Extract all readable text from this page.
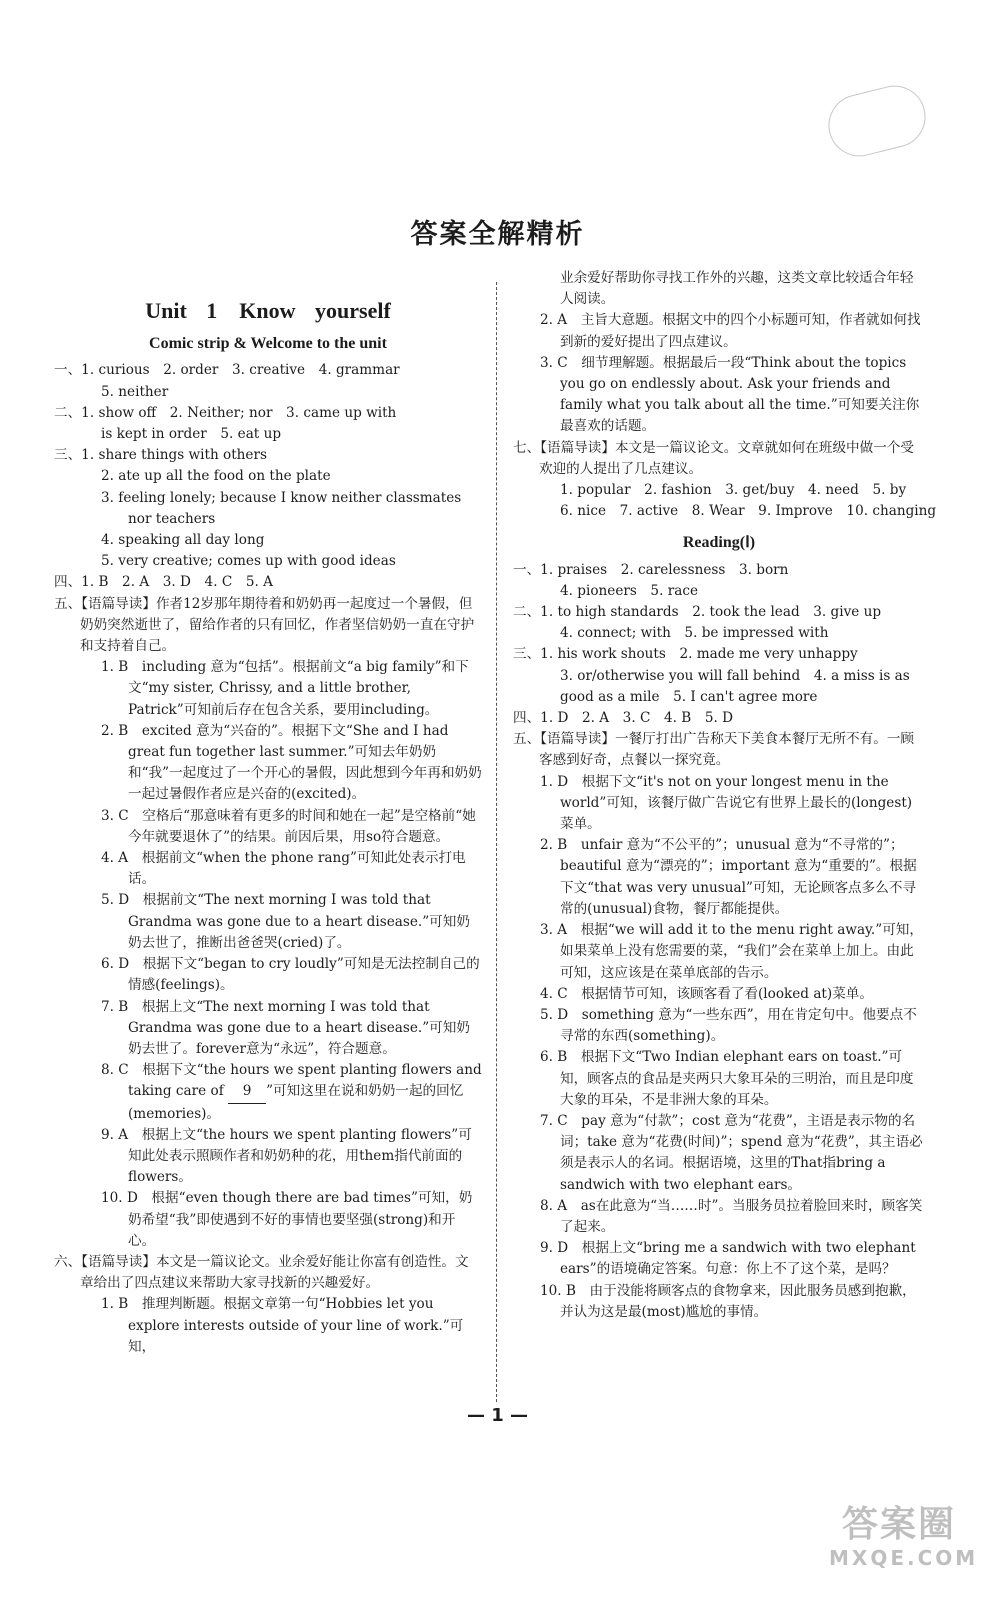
答案全解精析
Unit 1　Know yourself
Comic strip & Welcome to the unit
一、1. curious　2. order　3. creative　4. grammar
5. neither
二、1. show off　2. Neither; nor　3. came up with
is kept in order　5. eat up
三、1. share things with others
2. ate up all the food on the plate
3. feeling lonely; because I know neither classmates
nor teachers
4. speaking all day long
5. very creative; comes up with good ideas
四、1. B　2. A　3. D　4. C　5. A
五、【语篇导读】作者12岁那年期待着和奶奶再一起度过一个暑假，但奶奶突然逝世了，留给作者的只有回忆，作者坚信奶奶一直在守护和支持着自己。
1. B　including 意为“包括”。根据前文“a big family”和下文“my sister, Chrissy, and a little brother, Patrick”可知前后存在包含关系，要用including。
2. B　excited 意为“兴奋的”。根据下文“She and I had great fun together last summer.”可知去年奶奶和“我”一起度过了一个开心的暑假，因此想到今年再和奶奶一起过暑假作者应是兴奋的(excited)。
3. C　空格后“那意味着有更多的时间和她在一起”是空格前“她今年就要退休了”的结果。前因后果，用so符合题意。
4. A　根据前文“when the phone rang”可知此处表示打电话。
5. D　根据前文“The next morning I was told that Grandma was gone due to a heart disease.”可知奶奶去世了，推断出爸爸哭(cried)了。
6. D　根据下文“began to cry loudly”可知是无法控制自己的情感(feelings)。
7. B　根据上文“The next morning I was told that Grandma was gone due to a heart disease.”可知奶奶去世了。forever意为“永远”，符合题意。
8. C　根据下文“the hours we spent planting flowers and taking care of 9 ”可知这里在说和奶奶一起的回忆(memories)。
9. A　根据上文“the hours we spent planting flowers”可知此处表示照顾作者和奶奶种的花，用them指代前面的flowers。
10. D　根据“even though there are bad times”可知，奶奶希望“我”即使遇到不好的事情也要坚强(strong)和开心。
六、【语篇导读】本文是一篇议论文。业余爱好能让你富有创造性。文章给出了四点建议来帮助大家寻找新的兴趣爱好。
1. B　推理判断题。根据文章第一句“Hobbies let you explore interests outside of your line of work.”可知，
业余爱好帮助你寻找工作外的兴趣，这类文章比较适合年轻人阅读。
2. A　主旨大意题。根据文中的四个小标题可知，作者就如何找到新的爱好提出了四点建议。
3. C　细节理解题。根据最后一段“Think about the topics you go on endlessly about. Ask your friends and family what you talk about all the time.”可知要关注你最喜欢的话题。
七、【语篇导读】本文是一篇议论文。文章就如何在班级中做一个受欢迎的人提出了几点建议。
1. popular　2. fashion　3. get/buy　4. need　5. by
6. nice　7. active　8. Wear　9. Improve　10. changing
Reading(Ⅰ)
一、1. praises　2. carelessness　3. born
4. pioneers　5. race
二、1. to high standards　2. took the lead　3. give up
4. connect; with　5. be impressed with
三、1. his work shouts　2. made me very unhappy
3. or/otherwise you will fall behind　4. a miss is as
good as a mile　5. I can't agree more
四、1. D　2. A　3. C　4. B　5. D
五、【语篇导读】一餐厅打出广告称天下美食本餐厅无所不有。一顾客感到好奇，点餐以一探究竟。
1. D　根据下文“it's not on your longest menu in the world”可知，该餐厅做广告说它有世界上最长的(longest)菜单。
2. B　unfair 意为“不公平的”；unusual 意为“不寻常的”；beautiful 意为“漂亮的”；important 意为“重要的”。根据下文“that was very unusual”可知，无论顾客点多么不寻常的(unusual)食物，餐厅都能提供。
3. A　根据“we will add it to the menu right away.”可知，如果菜单上没有您需要的菜，“我们”会在菜单上加上。由此可知，这应该是在菜单底部的告示。
4. C　根据情节可知，该顾客看了看(looked at)菜单。
5. D　something 意为“一些东西”，用在肯定句中。他要点不寻常的东西(something)。
6. B　根据下文“Two Indian elephant ears on toast.”可知，顾客点的食品是夹两只大象耳朵的三明治，而且是印度大象的耳朵，不是非洲大象的耳朵。
7. C　pay 意为“付款”；cost 意为“花费”，主语是表示物的名词；take 意为“花费(时间)”；spend 意为“花费”，其主语必须是表示人的名词。根据语境，这里的That指bring a sandwich with two elephant ears。
8. A　as在此意为“当……时”。当服务员拉着脸回来时，顾客笑了起来。
9. D　根据上文“bring me a sandwich with two elephant ears”的语境确定答案。句意：你上不了这个菜，是吗？
10. B　由于没能将顾客点的食物拿来，因此服务员感到抱歉，并认为这是最(most)尴尬的事情。
— 1 —
答案圈
MXQE.COM
